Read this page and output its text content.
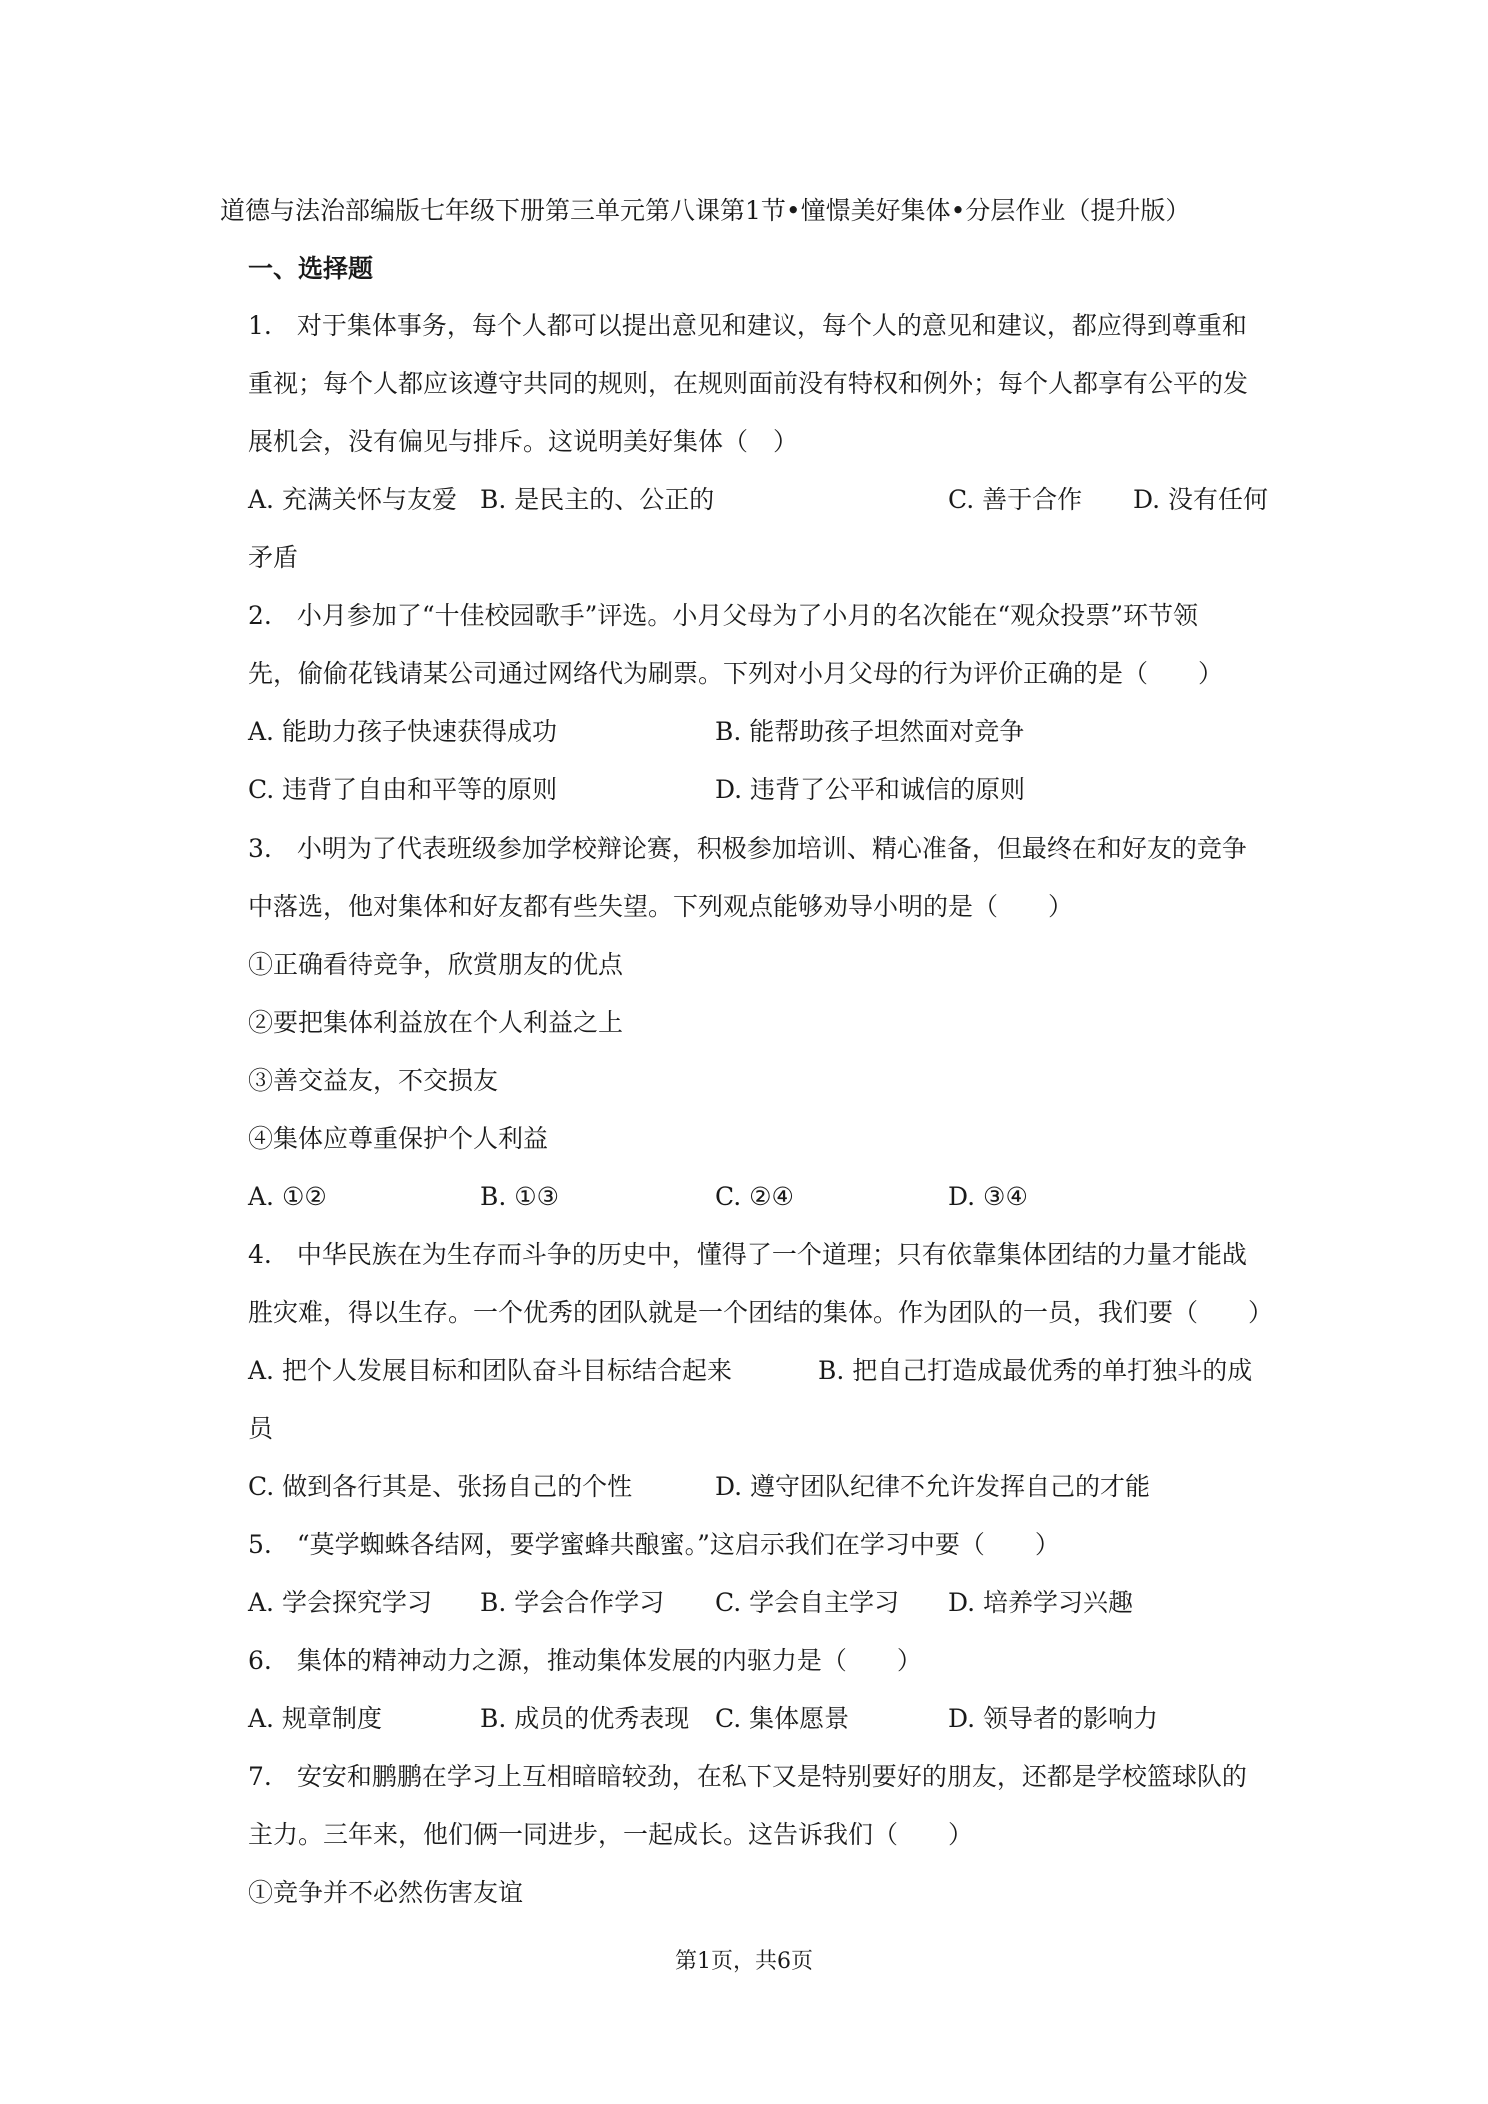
道德与法治部编版七年级下册第三单元第八课第1节•憧憬美好集体•分层作业（提升版）
一、选择题
1.　对于集体事务，每个人都可以提出意见和建议，每个人的意见和建议，都应得到尊重和
重视；每个人都应该遵守共同的规则，在规则面前没有特权和例外；每个人都享有公平的发
展机会，没有偏见与排斥。这说明美好集体（　）
A. 充满关怀与友爱 B. 是民主的、公正的	C. 善于合作 D. 没有任何
矛盾
2.　小月参加了“十佳校园歌手”评选。小月父母为了小月的名次能在“观众投票”环节领
先，偷偷花钱请某公司通过网络代为刷票。下列对小月父母的行为评价正确的是（　　）
A. 能助力孩子快速获得成功	B. 能帮助孩子坦然面对竞争
C. 违背了自由和平等的原则	D. 违背了公平和诚信的原则
3.　小明为了代表班级参加学校辩论赛，积极参加培训、精心准备，但最终在和好友的竞争
中落选，他对集体和好友都有些失望。下列观点能够劝导小明的是（　　）
①正确看待竞争，欣赏朋友的优点
②要把集体利益放在个人利益之上
③善交益友，不交损友
④集体应尊重保护个人利益
A. ①②	B. ①③	C. ②④	D. ③④
4.　中华民族在为生存而斗争的历史中，懂得了一个道理；只有依靠集体团结的力量才能战
胜灾难，得以生存。一个优秀的团队就是一个团结的集体。作为团队的一员，我们要（　　）
A. 把个人发展目标和团队奋斗目标结合起来	B. 把自己打造成最优秀的单打独斗的成
员
C. 做到各行其是、张扬自己的个性	D. 遵守团队纪律不允许发挥自己的才能
5.　“莫学蜘蛛各结网，要学蜜蜂共酿蜜。”这启示我们在学习中要（　　）
A. 学会探究学习 B. 学会合作学习 C. 学会自主学习 D. 培养学习兴趣
6.　集体的精神动力之源，推动集体发展的内驱力是（　　）
A. 规章制度	B. 成员的优秀表现 C. 集体愿景	D. 领导者的影响力
7.　安安和鹏鹏在学习上互相暗暗较劲，在私下又是特别要好的朋友，还都是学校篮球队的
主力。三年来，他们俩一同进步，一起成长。这告诉我们（　　）
①竞争并不必然伤害友谊
第1页，共6页
